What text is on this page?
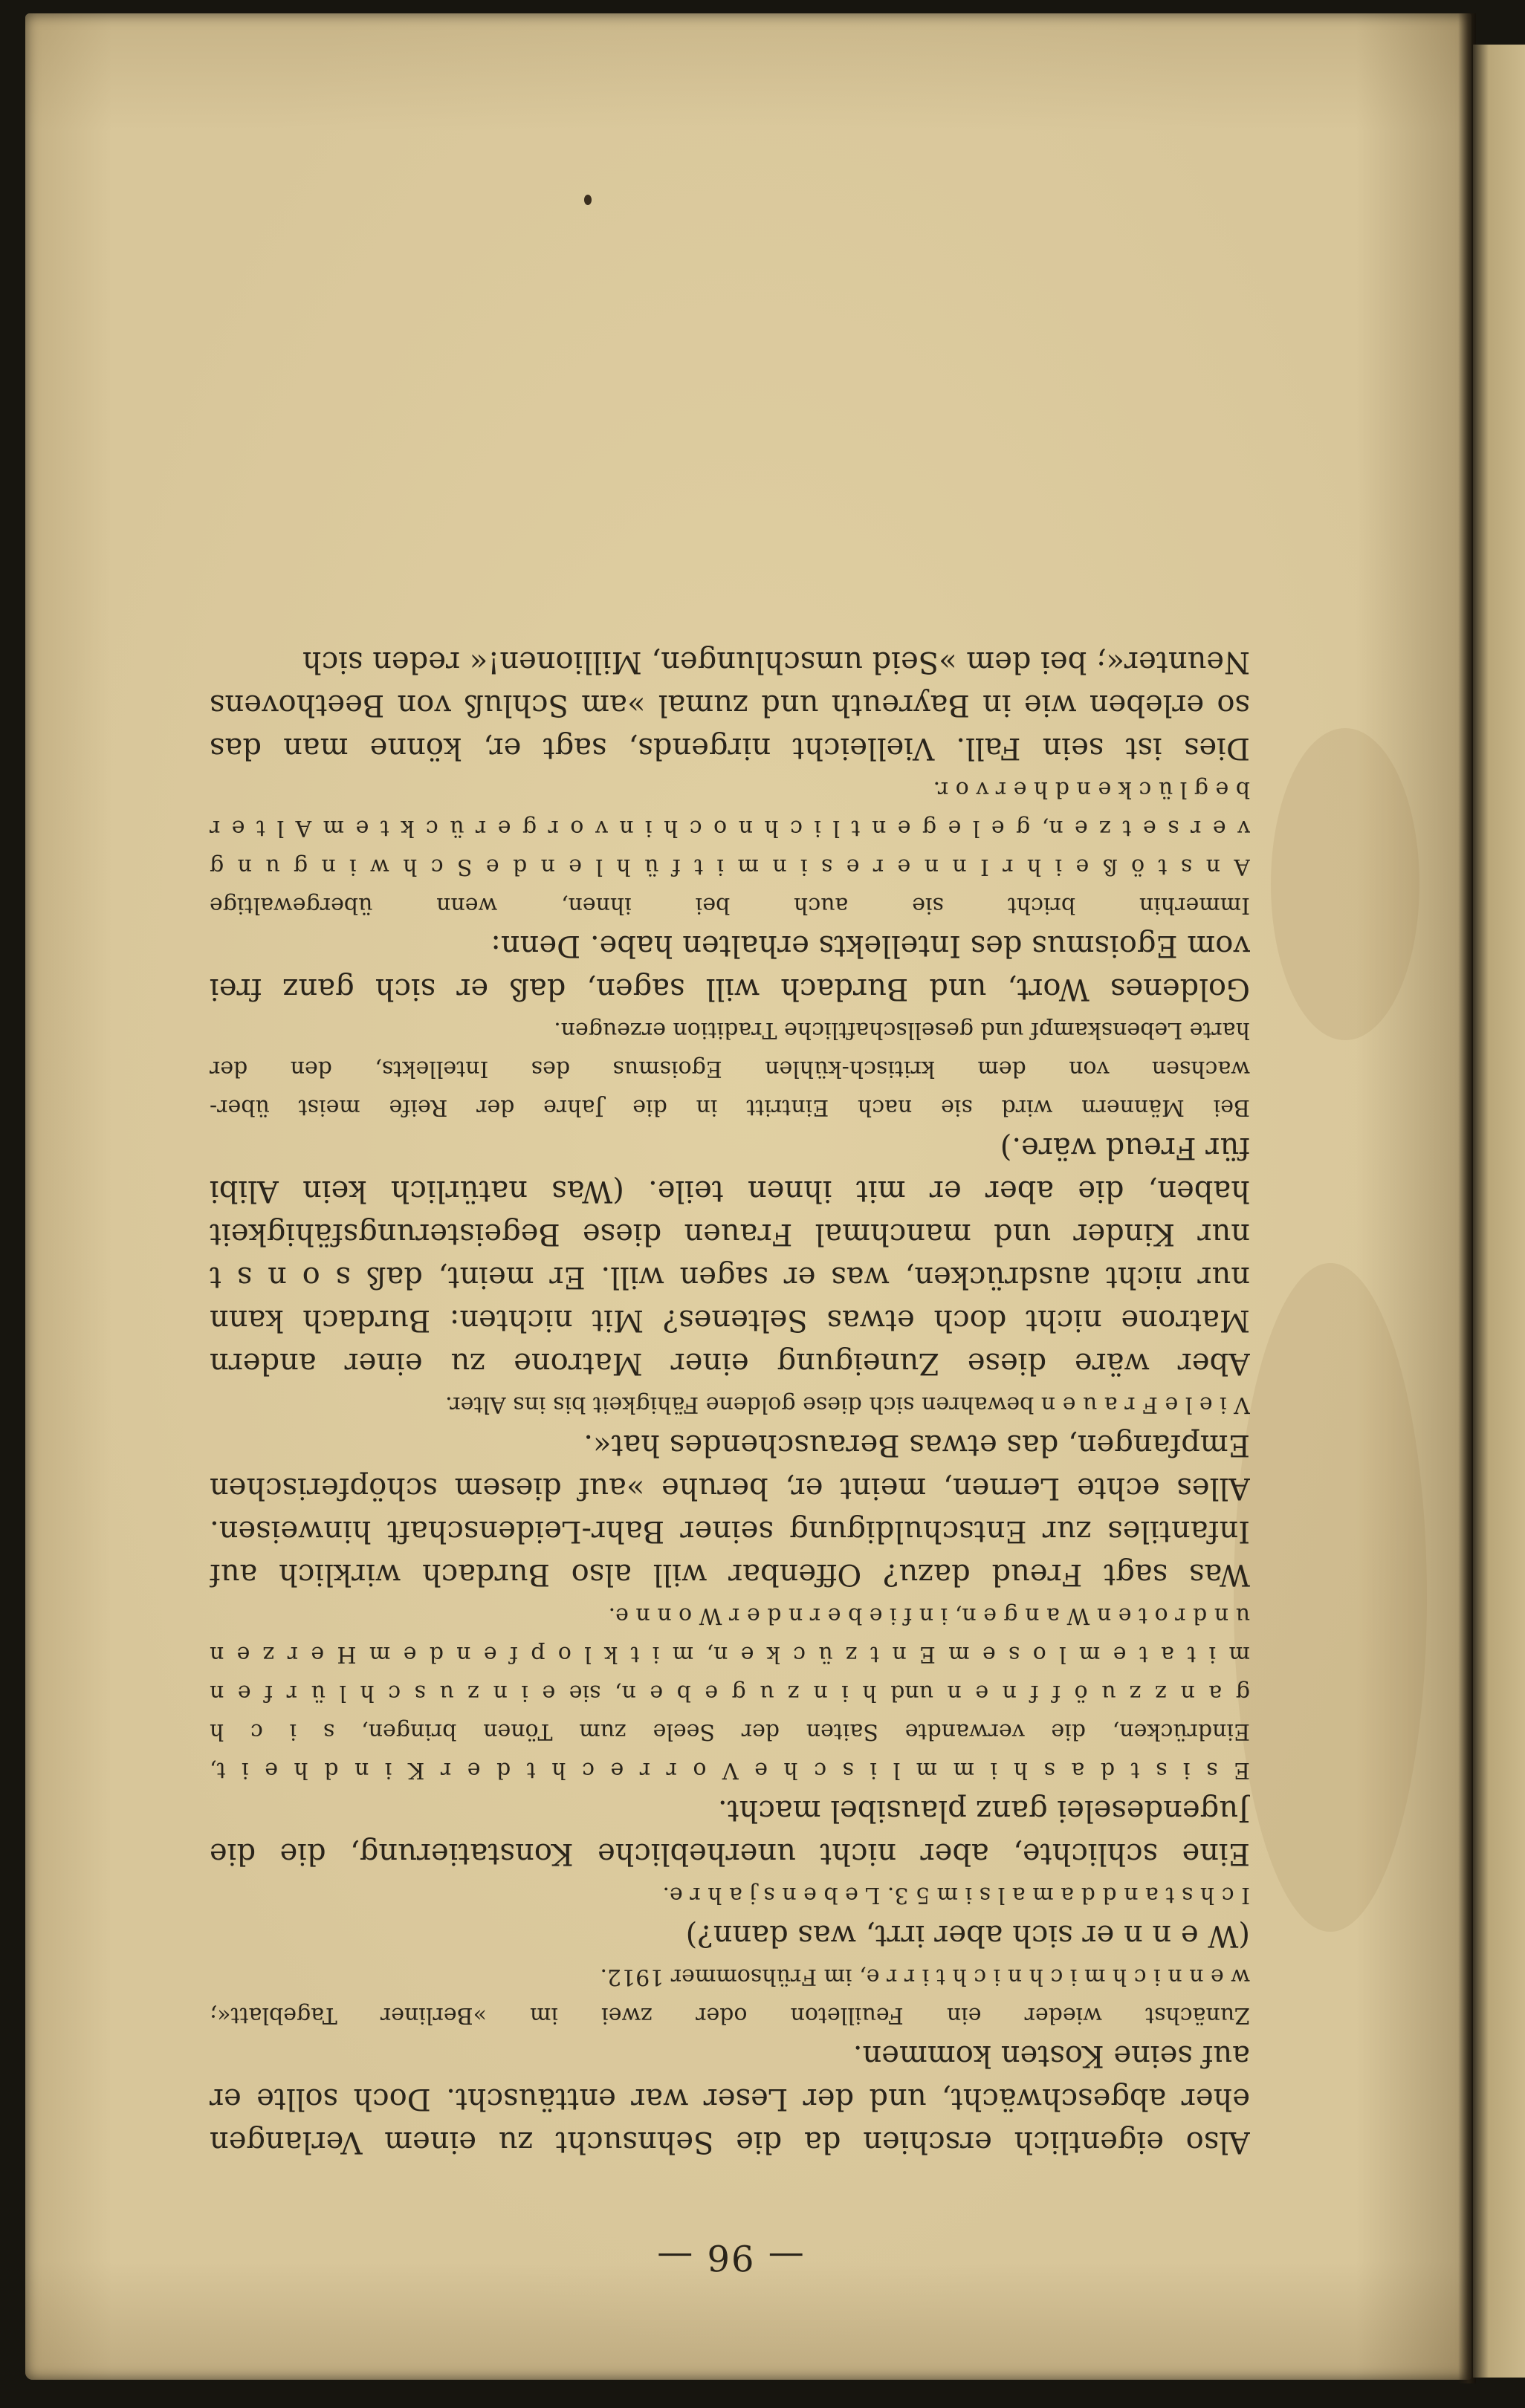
— 96 —
Also eigentlich erschien da die Sehnsucht zu einem Verlangen
eher abgeschwächt, und der Leser war enttäuscht. Doch sollte er
auf seine Kosten kommen.
Zunächst wieder ein Feuilleton oder zwei im »Berliner Tageblatt«;
w e n n i c h m i c h n i c h t i r r e, im Frühsommer 1912.
(W e n n er sich aber irrt, was dann?)
I c h s t a n d d a m a l s i m 5 3. L e b e n s j a h r e.
Eine schlichte, aber nicht unerhebliche Konstatierung, die die
Jugendeselei ganz plausibel macht.
E s i s t d a s h i m m l i s c h e V o r r e c h t d e r K i n d h e i t,
Eindrücken, die verwandte Saiten der Seele zum Tönen bringen, s i c h
g a n z z u ö f f n e n und h i n z u g e b e n, sie e i n z u s c h l ü r f e n
m i t a t e m l o s e m E n t z ü c k e n, m i t k l o p f e n d e m H e r z e n
u n d r o t e n W a n g e n, i n f i e b e r n d e r W o n n e.
Was sagt Freud dazu? Offenbar will also Burdach wirklich auf
Infantiles zur Entschuldigung seiner Bahr-Leidenschaft hinweisen.
Alles echte Lernen, meint er, beruhe »auf diesem schöpferischen
Empfangen, das etwas Berauschendes hat«.
V i e l e F r a u e n bewahren sich diese goldene Fähigkeit bis ins Alter.
Aber wäre diese Zuneigung einer Matrone zu einer andern
Matrone nicht doch etwas Seltenes? Mit nichten: Burdach kann
nur nicht ausdrücken, was er sagen will. Er meint, daß s o n s t
nur Kinder und manchmal Frauen diese Begeisterungsfähigkeit
haben, die aber er mit ihnen teile. (Was natürlich kein Alibi
für Freud wäre.)
Bei Männern wird sie nach Eintritt in die Jahre der Reife meist über-
wachsen von dem kritisch-kühlen Egoismus des Intellekts, den der
harte Lebenskampf und gesellschaftliche Tradition erzeugen.
Goldenes Wort, und Burdach will sagen, daß er sich ganz frei
vom Egoismus des Intellekts erhalten habe. Denn:
Immerhin bricht sie auch bei ihnen, wenn übergewaltige
A n s t ö ß e i h r I n n e r e s i n m i t f ü h l e n d e S c h w i n g u n g
v e r s e t z e n, g e l e g e n t l i c h n o c h i n v o r g e r ü c k t e m A l t e r
b e g l ü c k e n d h e r v o r.
Dies ist sein Fall. Vielleicht nirgends, sagt er, könne man das
so erleben wie in Bayreuth und zumal »am Schluß von Beethovens
Neunter«; bei dem »Seid umschlungen, Millionen!« reden sich
